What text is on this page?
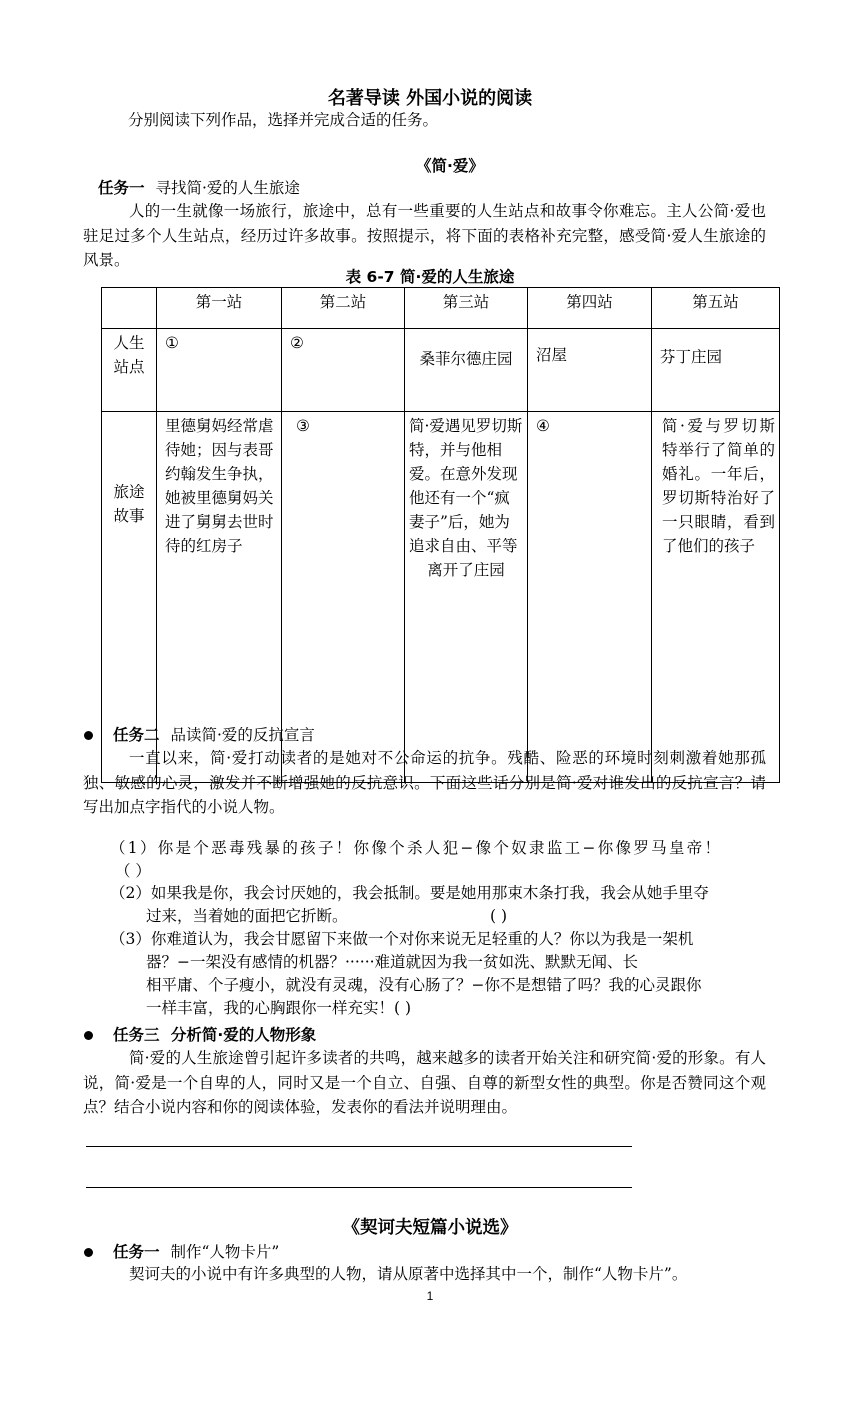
名著导读 外国小说的阅读
分别阅读下列作品，选择并完成合适的任务。
《简·爱》
任务一 寻找简·爱的人生旅途
人的一生就像一场旅行，旅途中，总有一些重要的人生站点和故事令你难忘。主人公简·爱也驻足过多个人生站点，经历过许多故事。按照提示，将下面的表格补充完整，感受简·爱人生旅途的风景。
表 6-7 简·爱的人生旅途
	第一站	第二站	第三站	第四站	第五站
人生站点	①	②	桑菲尔德庄园	沼屋	芬丁庄园
旅途故事	里德舅妈经常虐待她；因与表哥约翰发生争执，她被里德舅妈关进了舅舅去世时待的红房子	③	简·爱遇见罗切斯特，并与他相爱。在意外发现他还有一个“疯妻子”后，她为追求自由、平等离开了庄园	④	简·爱与罗切斯特举行了简单的婚礼。一年后，罗切斯特治好了一只眼睛，看到了他们的孩子
任务二 品读简·爱的反抗宣言
一直以来，简·爱打动读者的是她对不公命运的抗争。残酷、险恶的环境时刻刺激着她那孤独、敏感的心灵，激发并不断增强她的反抗意识。下面这些话分别是简·爱对谁发出的反抗宣言？请写出加点字指代的小说人物。
（1）你是个恶毒残暴的孩子！你像个杀人犯−像个奴隶监工−你像罗马皇帝！
（ ）
（2）如果我是你，我会讨厌她的，我会抵制。要是她用那束木条打我，我会从她手里夺
过来，当着她的面把它折断。	( )
（3）你难道认为，我会甘愿留下来做一个对你来说无足轻重的人？你以为我是一架机
器？−一架没有感情的机器？······难道就因为我一贫如洗、默默无闻、长
相平庸、个子瘦小，就没有灵魂，没有心肠了？−你不是想错了吗？我的心灵跟你
一样丰富，我的心胸跟你一样充实！( )
任务三 分析简·爱的人物形象
简·爱的人生旅途曾引起许多读者的共鸣，越来越多的读者开始关注和研究简·爱的形象。有人说，简·爱是一个自卑的人，同时又是一个自立、自强、自尊的新型女性的典型。你是否赞同这个观点？结合小说内容和你的阅读体验，发表你的看法并说明理由。
《契诃夫短篇小说选》
任务一 制作“人物卡片”
契诃夫的小说中有许多典型的人物，请从原著中选择其中一个，制作“人物卡片”。
1
